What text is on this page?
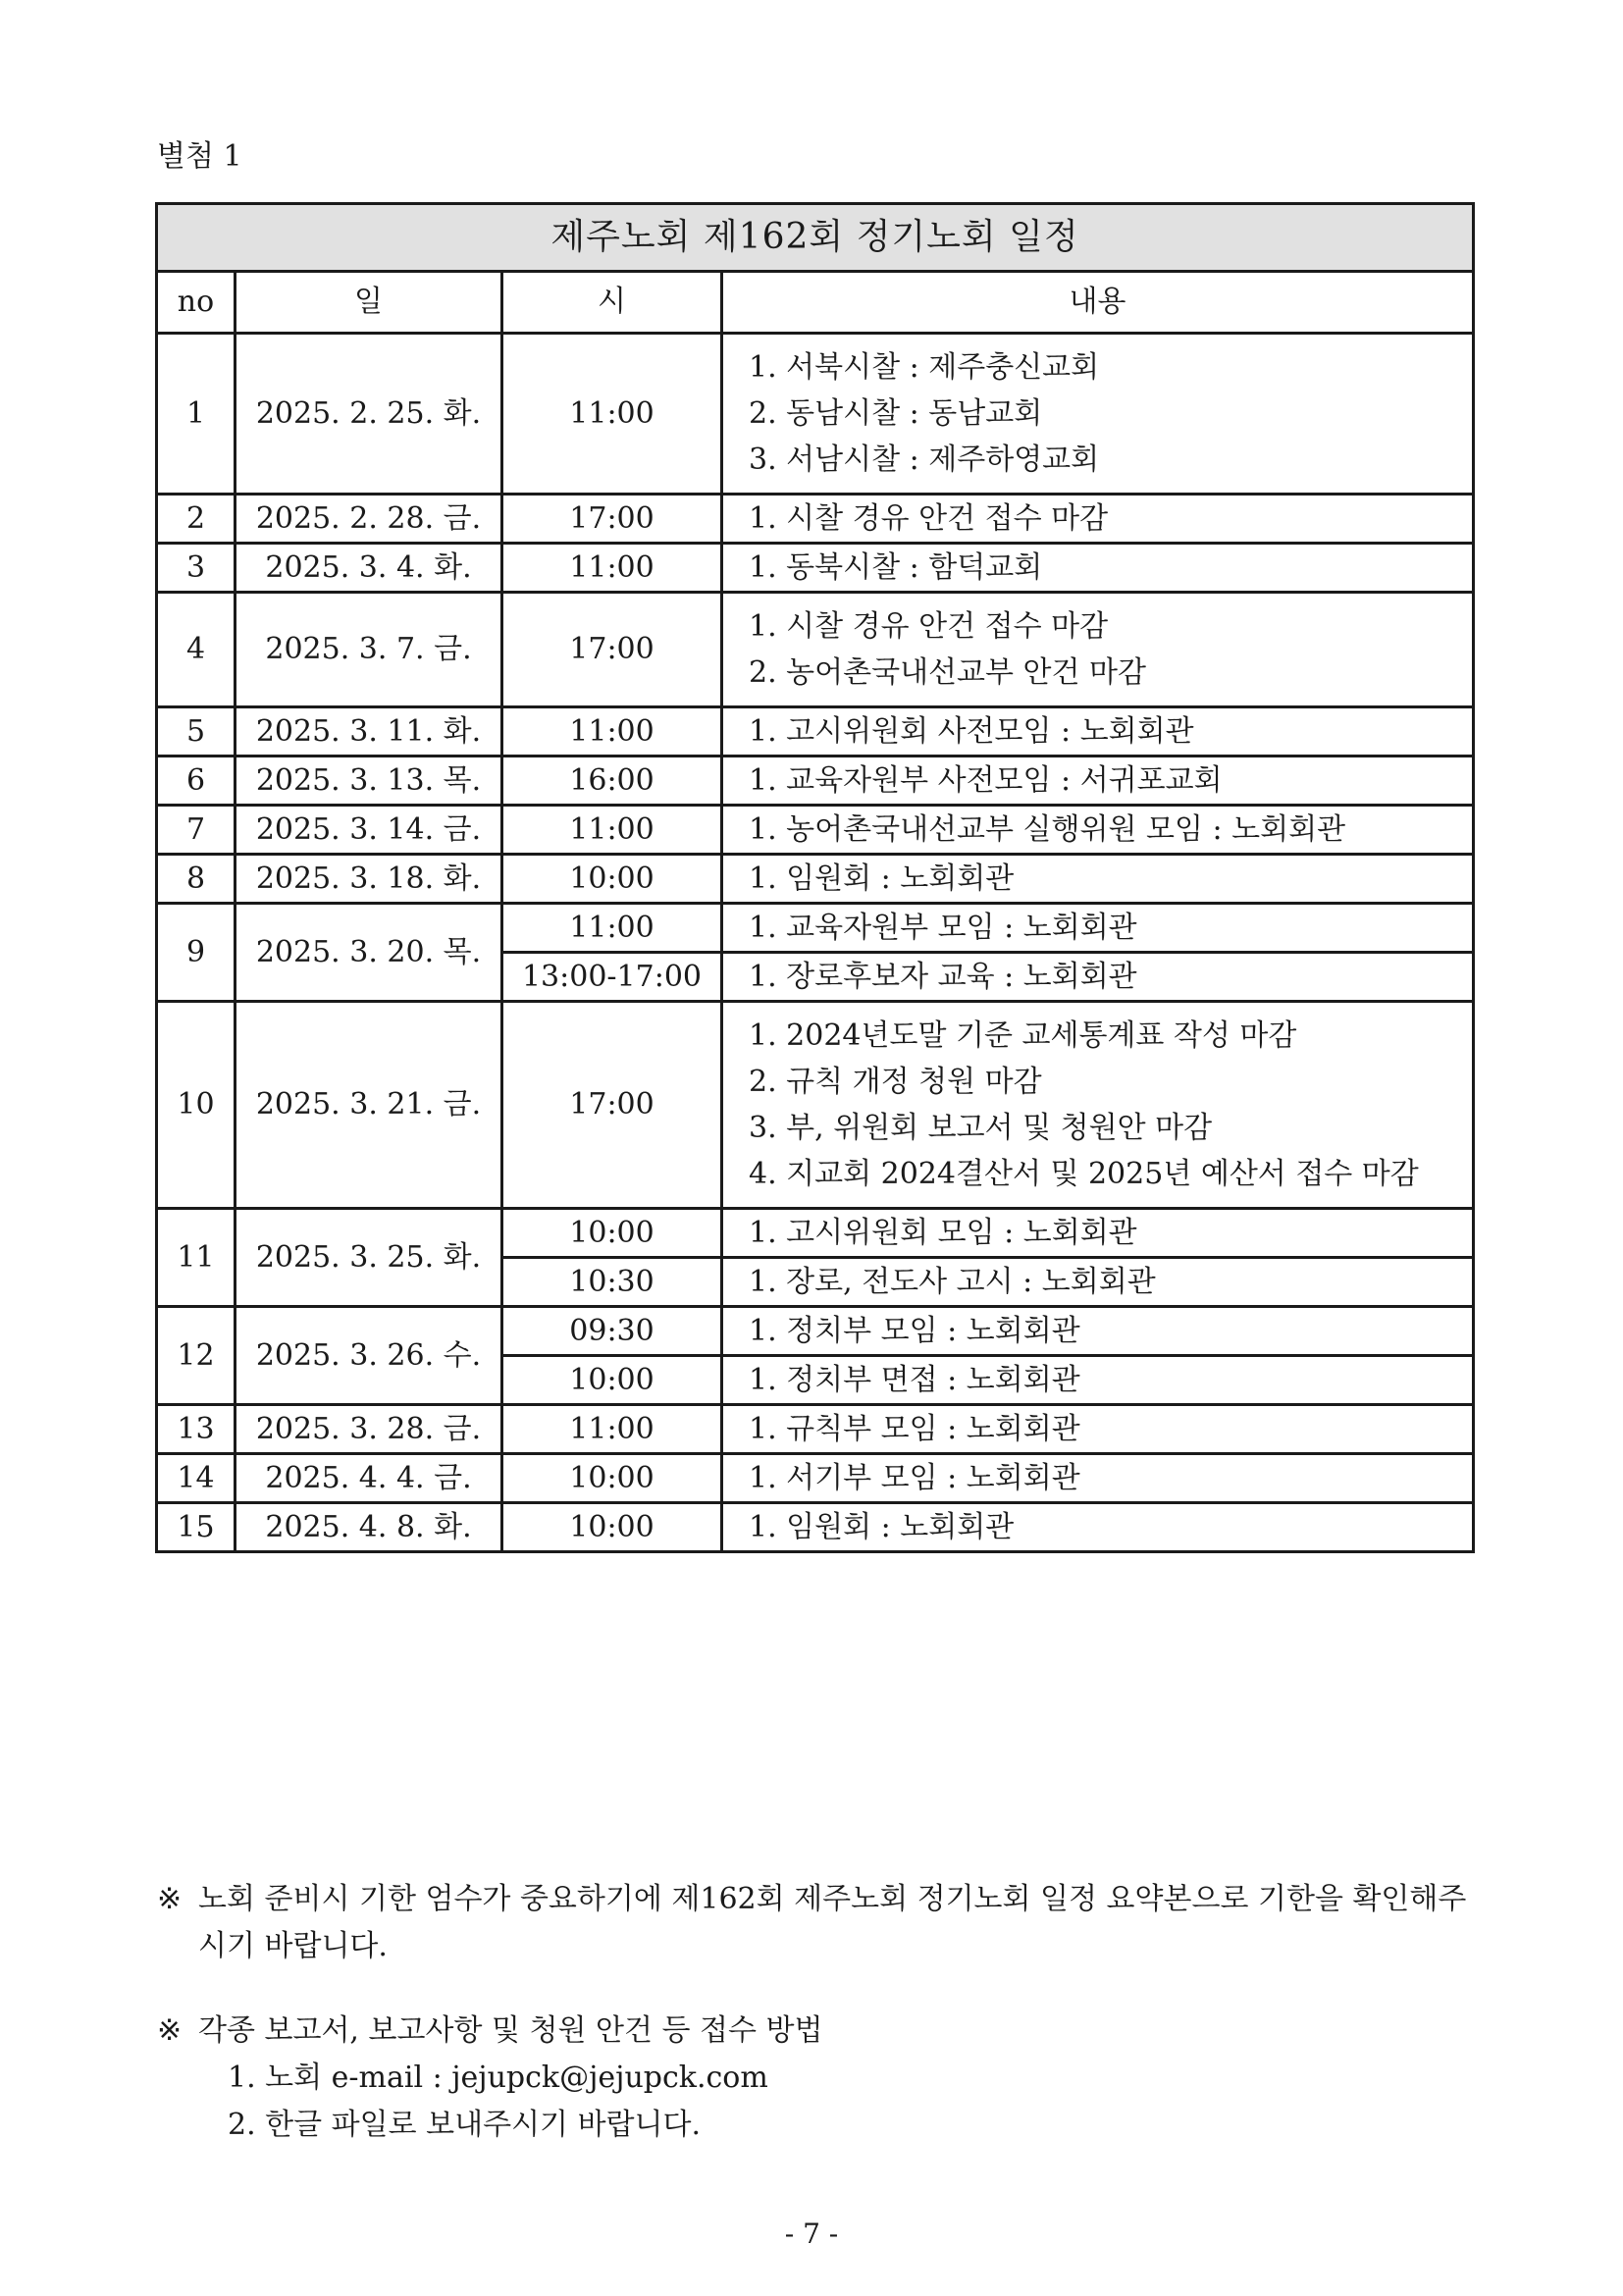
별첨 1
제주노회 제162회 정기노회 일정			
no	일	시	내용
1	2025. 2. 25. 화.	11:00	1. 서북시찰 : 제주충신교회
2. 동남시찰 : 동남교회
3. 서남시찰 : 제주하영교회

2	2025. 2. 28. 금.	17:00	1. 시찰 경유 안건 접수 마감

3	2025. 3. 4. 화.	11:00	1. 동북시찰 : 함덕교회

4	2025. 3. 7. 금.	17:00	1. 시찰 경유 안건 접수 마감
2. 농어촌국내선교부 안건 마감

5	2025. 3. 11. 화.	11:00	1. 고시위원회 사전모임 : 노회회관

6	2025. 3. 13. 목.	16:00	1. 교육자원부 사전모임 : 서귀포교회

7	2025. 3. 14. 금.	11:00	1. 농어촌국내선교부 실행위원 모임 : 노회회관

8	2025. 3. 18. 화.	10:00	1. 임원회 : 노회회관

9	2025. 3. 20. 목.	11:00	1. 교육자원부 모임 : 노회회관

		13:00-17:00	1. 장로후보자 교육 : 노회회관

10	2025. 3. 21. 금.	17:00	1. 2024년도말 기준 교세통계표 작성 마감
2. 규칙 개정 청원 마감
3. 부, 위원회 보고서 및 청원안 마감
4. 지교회 2024결산서 및 2025년 예산서 접수 마감

11	2025. 3. 25. 화.	10:00	1. 고시위원회 모임 : 노회회관

		10:30	1. 장로, 전도사 고시 : 노회회관

12	2025. 3. 26. 수.	09:30	1. 정치부 모임 : 노회회관

		10:00	1. 정치부 면접 : 노회회관

13	2025. 3. 28. 금.	11:00	1. 규칙부 모임 : 노회회관

14	2025. 4. 4. 금.	10:00	1. 서기부 모임 : 노회회관

15	2025. 4. 8. 화.	10:00	1. 임원회 : 노회회관
※ 노회 준비시 기한 엄수가 중요하기에 제162회 제주노회 정기노회 일정 요약본으로 기한을 확인해주시기 바랍니다.
※ 각종 보고서, 보고사항 및 청원 안건 등 접수 방법
1. 노회 e-mail : jejupck@jejupck.com
2. 한글 파일로 보내주시기 바랍니다.
- 7 -
